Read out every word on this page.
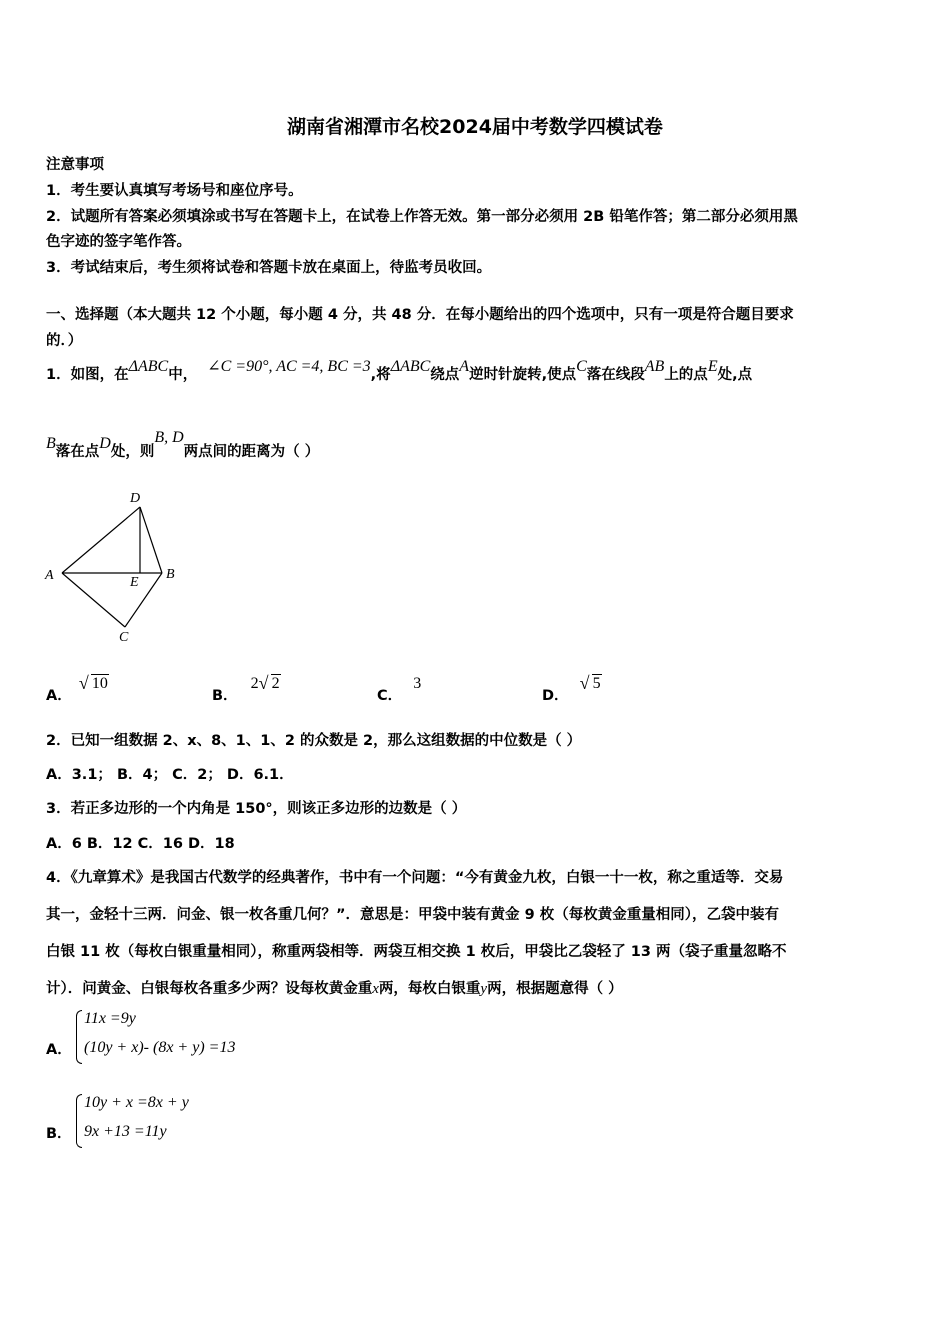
湖南省湘潭市名校2024届中考数学四模试卷
注意事项
1．考生要认真填写考场号和座位序号。
2．试题所有答案必须填涂或书写在答题卡上，在试卷上作答无效。第一部分必须用 2B 铅笔作答；第二部分必须用黑
色字迹的签字笔作答。
3．考试结束后，考生须将试卷和答题卡放在桌面上，待监考员收回。
一、选择题（本大题共 12 个小题，每小题 4 分，共 48 分．在每小题给出的四个选项中，只有一项是符合题目要求
的．）
1．如图，在ΔABC中， ∠C =90°, AC =4, BC =3,将ΔABC绕点A逆时针旋转,使点C落在线段AB上的点E处,点
B落在点D处，则B, D两点间的距离为（ ）
D
A	B
E
C
A．
√ 10
B． 2 √ 2
C． 3
D．
√ 5
2．已知一组数据 2、x、8、1、1、2 的众数是 2，那么这组数据的中位数是（ ）
A．3.1； B．4； C．2； D．6.1．
3．若正多边形的一个内角是 150°，则该正多边形的边数是（ ）
A．6 B．12 C．16 D．18
4．《九章算术》是我国古代数学的经典著作，书中有一个问题：“今有黄金九枚，白银一十一枚，称之重适等．交易
其一，金轻十三两．问金、银一枚各重几何？”．意思是：甲袋中装有黄金 9 枚（每枚黄金重量相同），乙袋中装有
白银 11 枚（每枚白银重量相同），称重两袋相等．两袋互相交换 1 枚后，甲袋比乙袋轻了 13 两（袋子重量忽略不
计）．问黄金、白银每枚各重多少两？设每枚黄金重x两，每枚白银重y两，根据题意得（ ）
A．
11x =9y
(10y + x)- (8x + y) =13
B．
10y + x =8x + y
9x +13 =11y
